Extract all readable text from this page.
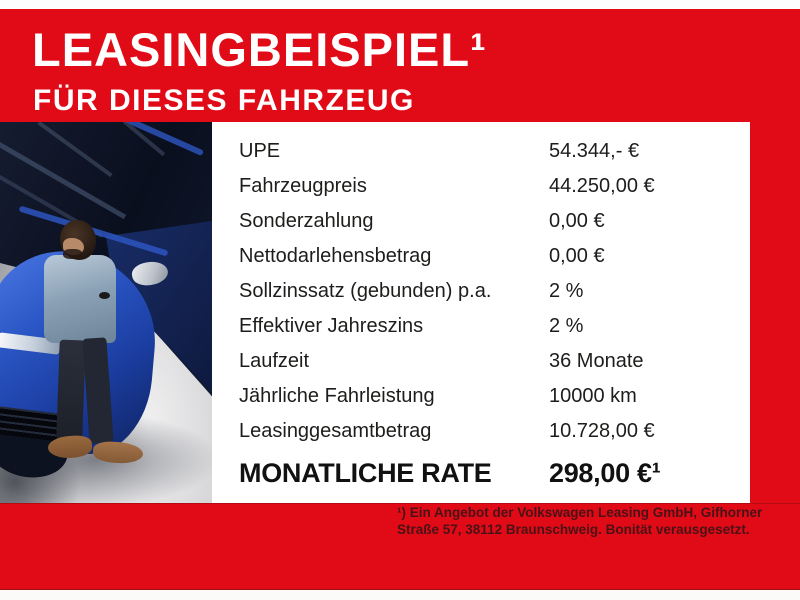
LEASINGBEISPIEL¹
FÜR DIESES FAHRZEUG
UPE	54.344,- €
Fahrzeugpreis	44.250,00 €
Sonderzahlung	0,00 €
Nettodarlehensbetrag	0,00 €
Sollzinssatz (gebunden) p.a.	2 %
Effektiver Jahreszins	2 %
Laufzeit	36 Monate
Jährliche Fahrleistung	10000 km
Leasinggesamtbetrag	10.728,00 €
MONATLICHE RATE	298,00 €¹
¹) Ein Angebot der Volkswagen Leasing GmbH, Gifhorner
Straße 57, 38112 Braunschweig. Bonität verausgesetzt.
